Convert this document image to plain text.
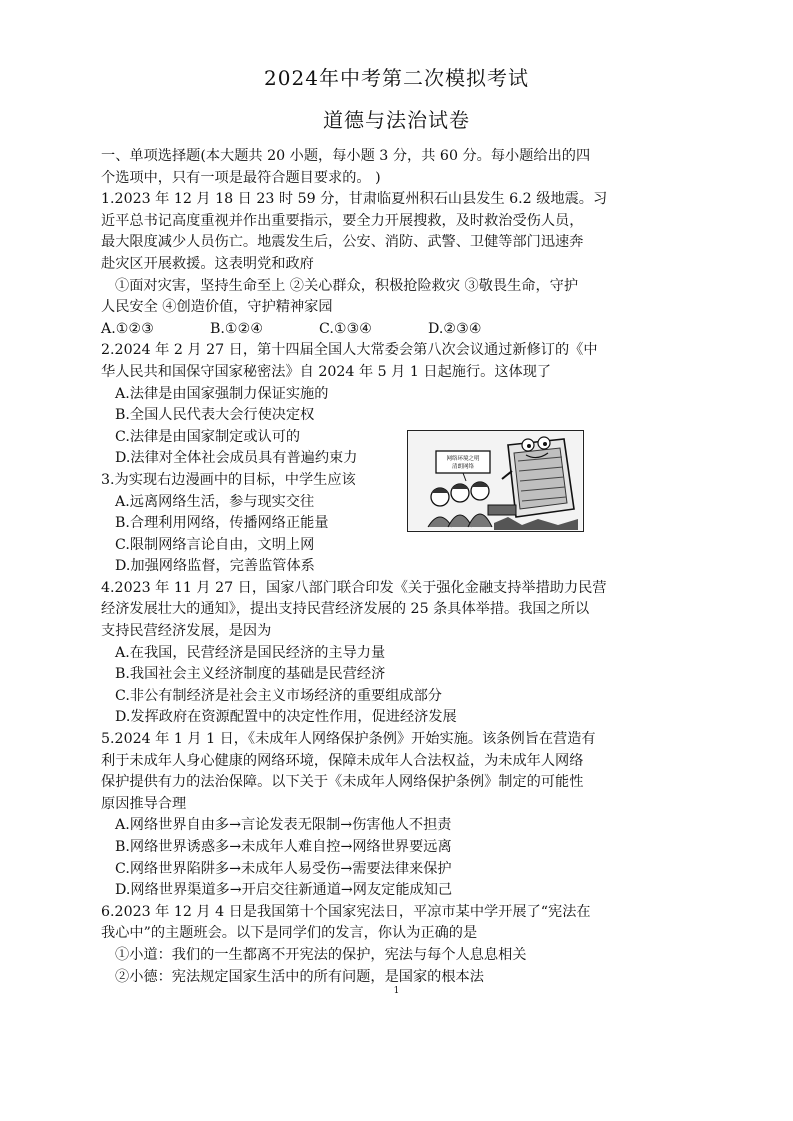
2024年中考第二次模拟考试
道德与法治试卷
一、单项选择题(本大题共 20 小题，每小题 3 分，共 60 分。每小题给出的四
个选项中，只有一项是最符合题目要求的。 )
1.2023 年 12 月 18 日 23 时 59 分，甘肃临夏州积石山县发生 6.2 级地震。习
近平总书记高度重视并作出重要指示，要全力开展搜救，及时救治受伤人员，
最大限度减少人员伤亡。地震发生后，公安、消防、武警、卫健等部门迅速奔
赴灾区开展救援。这表明党和政府
①面对灾害，坚持生命至上 ②关心群众，积极抢险救灾 ③敬畏生命，守护
人民安全 ④创造价值，守护精神家园
A.①②③	B.①②④	C.①③④	D.②③④
2.2024 年 2 月 27 日，第十四届全国人大常委会第八次会议通过新修订的《中
华人民共和国保守国家秘密法》自 2024 年 5 月 1 日起施行。这体现了
A.法律是由国家强制力保证实施的
B.全国人民代表大会行使决定权
C.法律是由国家制定或认可的
D.法律对全体社会成员具有普遍约束力
3.为实现右边漫画中的目标，中学生应该
A.远离网络生活，参与现实交往
B.合理利用网络，传播网络正能量
C.限制网络言论自由，文明上网
D.加强网络监督，完善监管体系
4.2023 年 11 月 27 日，国家八部门联合印发《关于强化金融支持举措助力民营
经济发展壮大的通知》，提出支持民营经济发展的 25 条具体举措。我国之所以
支持民营经济发展，是因为
A.在我国，民营经济是国民经济的主导力量
B.我国社会主义经济制度的基础是民营经济
C.非公有制经济是社会主义市场经济的重要组成部分
D.发挥政府在资源配置中的决定性作用，促进经济发展
5.2024 年 1 月 1 日，《未成年人网络保护条例》开始实施。该条例旨在营造有
利于未成年人身心健康的网络环境，保障未成年人合法权益，为未成年人网络
保护提供有力的法治保障。以下关于《未成年人网络保护条例》制定的可能性
原因推导合理
A.网络世界自由多→言论发表无限制→伤害他人不担责
B.网络世界诱惑多→未成年人难自控→网络世界要远离
C.网络世界陷阱多→未成年人易受伤→需要法律来保护
D.网络世界渠道多→开启交往新通道→网友定能成知己
6.2023 年 12 月 4 日是我国第十个国家宪法日，平凉市某中学开展了“宪法在
我心中”的主题班会。以下是同学们的发言，你认为正确的是
①小道：我们的一生都离不开宪法的保护，宪法与每个人息息相关
②小德：宪法规定国家生活中的所有问题，是国家的根本法
网络环境之明
清朗网络
1
